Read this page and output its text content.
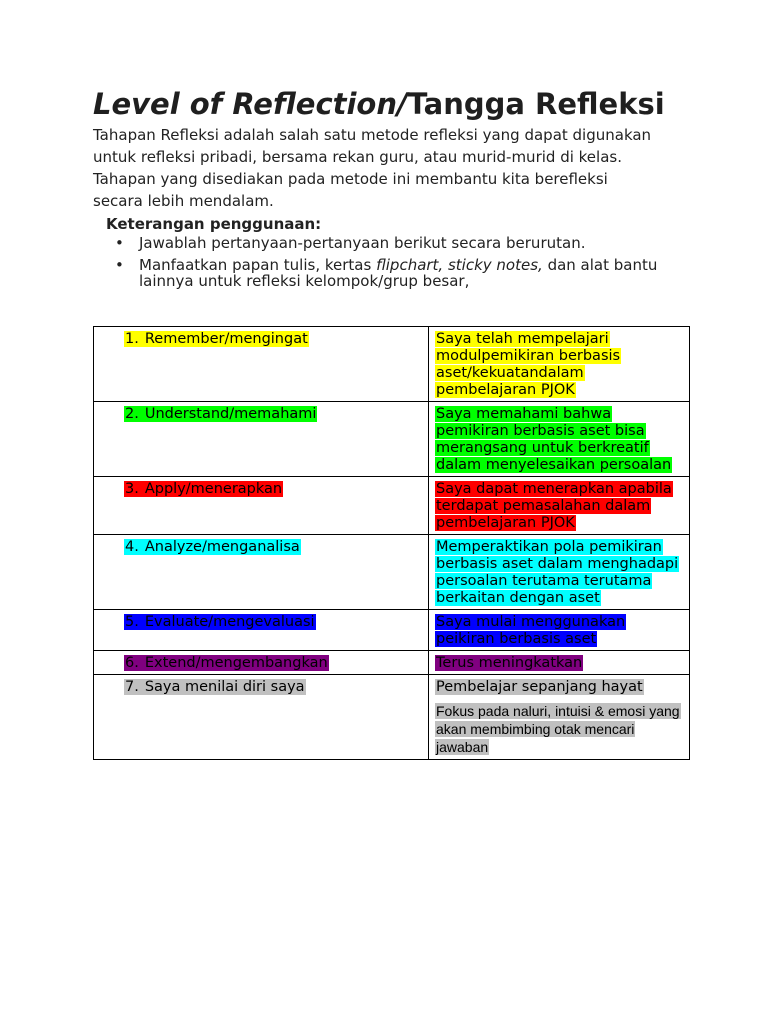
Level of Reflection/Tangga Refleksi

Tahapan Refleksi adalah salah satu metode refleksi yang dapat digunakan untuk refleksi pribadi, bersama rekan guru, atau murid-murid di kelas. Tahapan yang disediakan pada metode ini membantu kita berefleksi secara lebih mendalam.

Keterangan penggunaan:
• Jawablah pertanyaan-pertanyaan berikut secara berurutan.
• Manfaatkan papan tulis, kertas flipchart, sticky notes, dan alat bantu lainnya untuk refleksi kelompok/grup besar,
1. Remember/mengingat	Saya telah mempelajari modulpemikiran berbasis aset/kekuatandalam pembelajaran PJOK
2. Understand/memahami	Saya memahami bahwa pemikiran berbasis aset bisa merangsang untuk berkreatif dalam menyelesaikan persoalan
3. Apply/menerapkan	Saya dapat menerapkan apabila terdapat pemasalahan dalam pembelajaran PJOK
4. Analyze/menganalisa	Memperaktikan pola pemikiran berbasis aset dalam menghadapi persoalan terutama terutama berkaitan dengan aset
5. Evaluate/mengevaluasi	Saya mulai menggunakan peikiran berbasis aset
6. Extend/mengembangkan	Terus meningkatkan
7. Saya menilai diri saya	Pembelajar sepanjang hayat
Fokus pada naluri, intuisi & emosi yang akan membimbing otak mencari jawaban
